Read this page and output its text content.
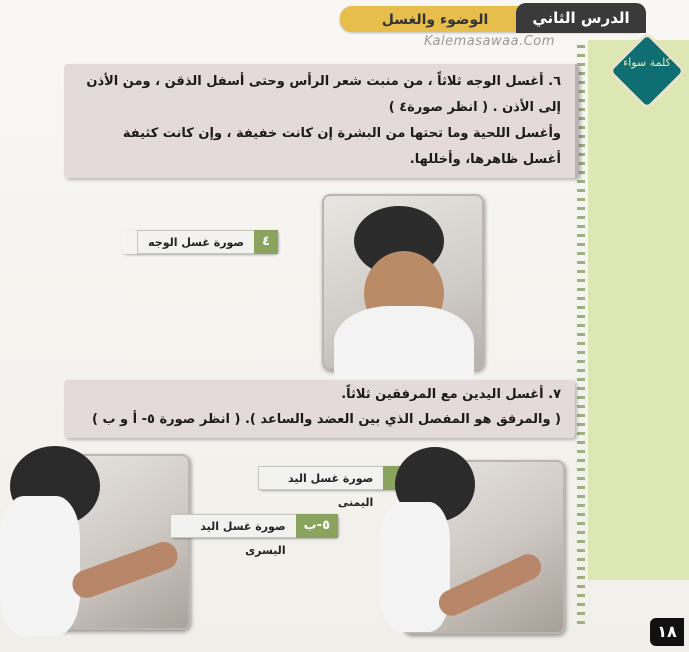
الوضوء والغسل	الدرس الثاني
Kalemasawaa.Com
كلمة سواء
٦. أغسل الوجه ثلاثاً ، من منبت شعر الرأس وحتى أسفل الذقن ، ومن الأذن
إلى الأذن . ( انظر صورة٤ )
وأغسل اللحية وما تحتها من البشرة إن كانت خفيفة ، وإن كانت كثيفة
أغسل ظاهرها، وأخللها.
٤
صورة غسل الوجه
٧. أغسل اليدين مع المرفقين ثلاثاً.
( والمرفق هو المفصل الذي بين العضد والساعد ). ( انظر صورة ٥- أ و ب )
صورة غسل اليد اليمنى
٥-ب
صورة غسل اليد اليسرى
١٨
